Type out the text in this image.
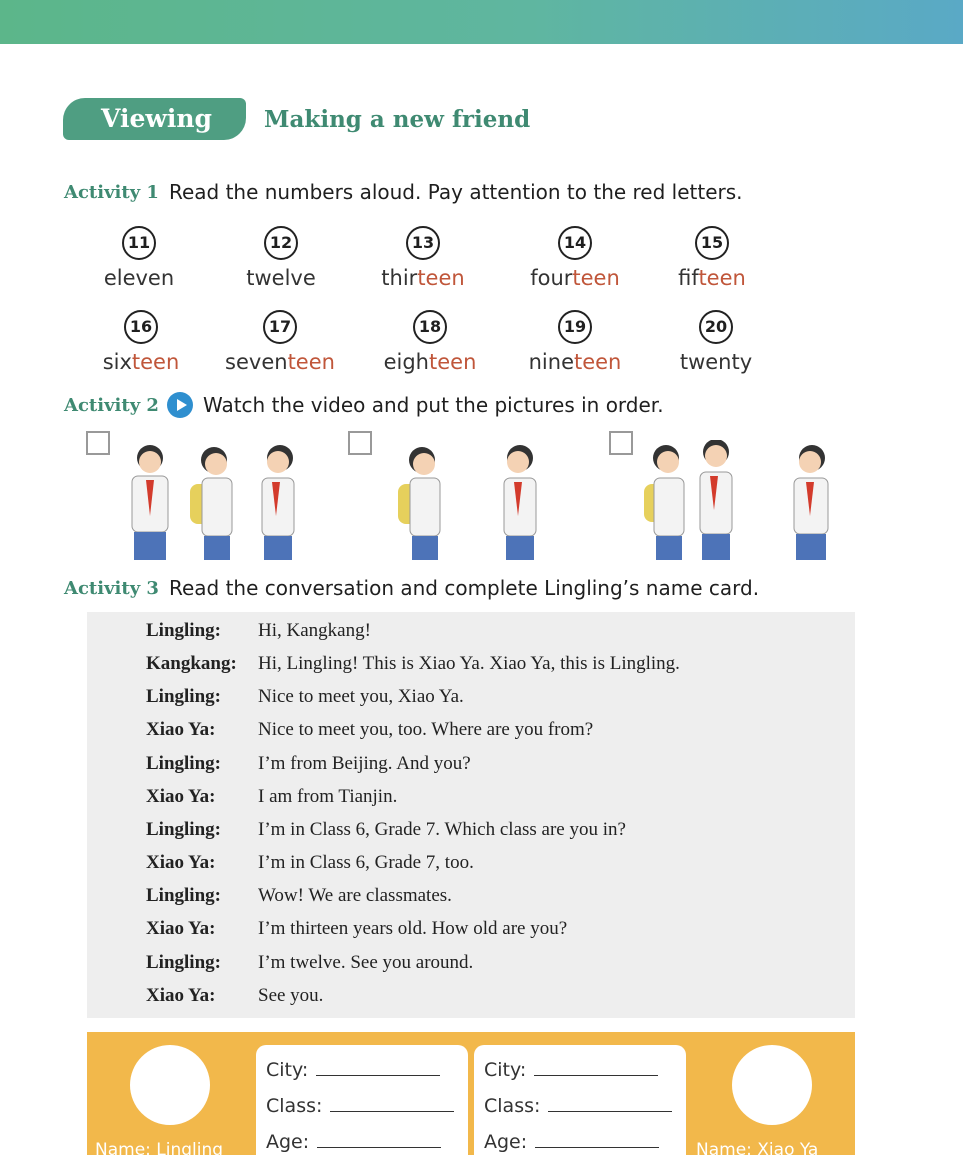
Viewing	Making a new friend
Activity 1 Read the numbers aloud. Pay attention to the red letters.
11
eleven
12
twelve
13
thirteen
14
fourteen
15
fifteen
16
sixteen
17
seventeen
18
eighteen
19
nineteen
20
twenty
Activity 2 Watch the video and put the pictures in order.
Activity 3 Read the conversation and complete Lingling’s name card.
Lingling: Hi, Kangkang!
Kangkang: Hi, Lingling! This is Xiao Ya. Xiao Ya, this is Lingling.
Lingling: Nice to meet you, Xiao Ya.
Xiao Ya: Nice to meet you, too. Where are you from?
Lingling: I’m from Beijing. And you?
Xiao Ya: I am from Tianjin.
Lingling: I’m in Class 6, Grade 7. Which class are you in?
Xiao Ya: I’m in Class 6, Grade 7, too.
Lingling: Wow! We are classmates.
Xiao Ya: I’m thirteen years old. How old are you?
Lingling: I’m twelve. See you around.
Xiao Ya: See you.
Name: Lingling	Name: Xiao Ya
City:
Class:
Age:
City:
Class:
Age:
